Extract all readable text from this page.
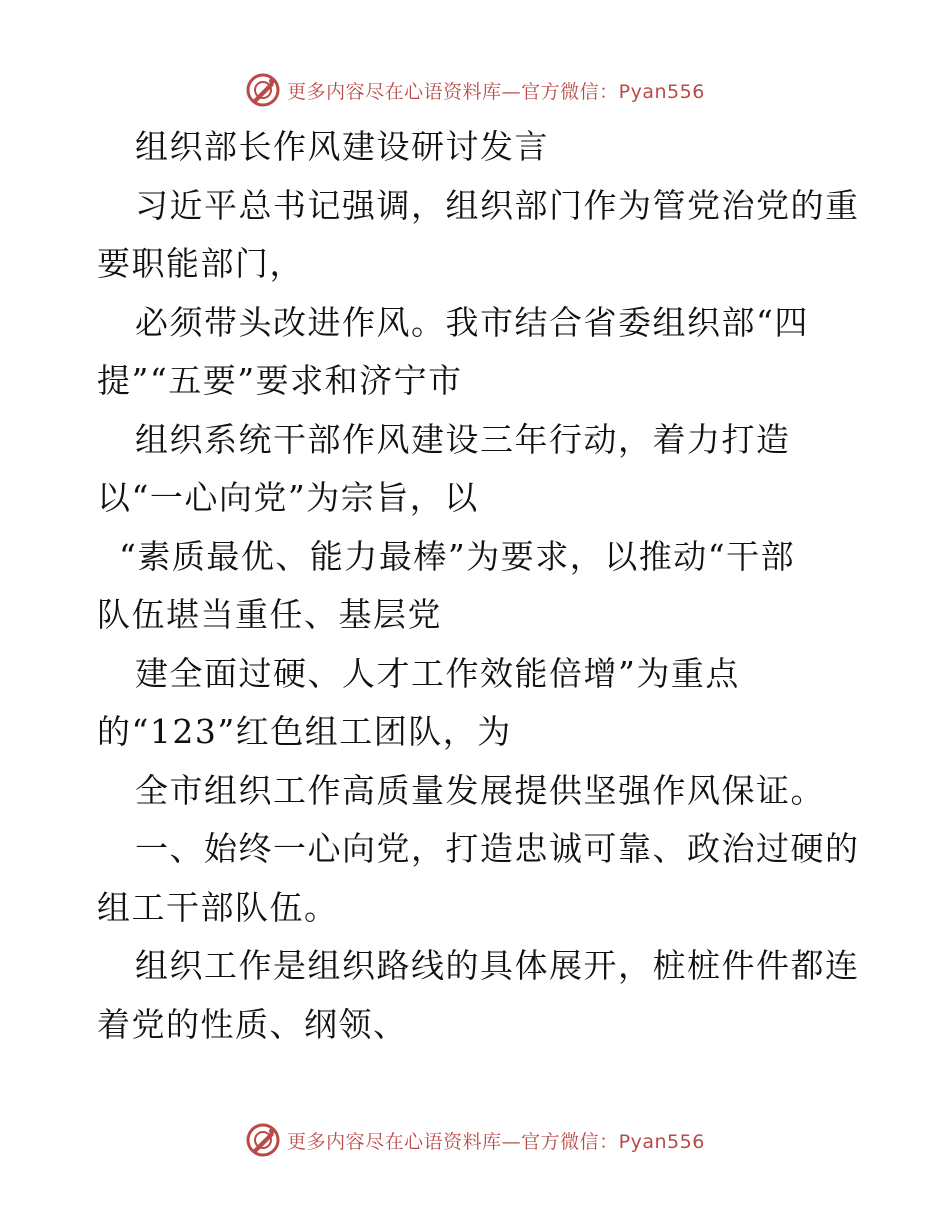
更多内容尽在心语资料库—官方微信：Pyan556
组织部长作风建设研讨发言
习近平总书记强调，组织部门作为管党治党的重
要职能部门，
必须带头改进作风。我市结合省委组织部“四
提”“五要”要求和济宁市
组织系统干部作风建设三年行动，着力打造
以“一心向党”为宗旨，以
“素质最优、能力最棒”为要求，以推动“干部
队伍堪当重任、基层党
建全面过硬、人才工作效能倍增”为重点
的“123”红色组工团队，为
全市组织工作高质量发展提供坚强作风保证。
一、始终一心向党，打造忠诚可靠、政治过硬的
组工干部队伍。
组织工作是组织路线的具体展开，桩桩件件都连
着党的性质、纲领、
更多内容尽在心语资料库—官方微信：Pyan556
